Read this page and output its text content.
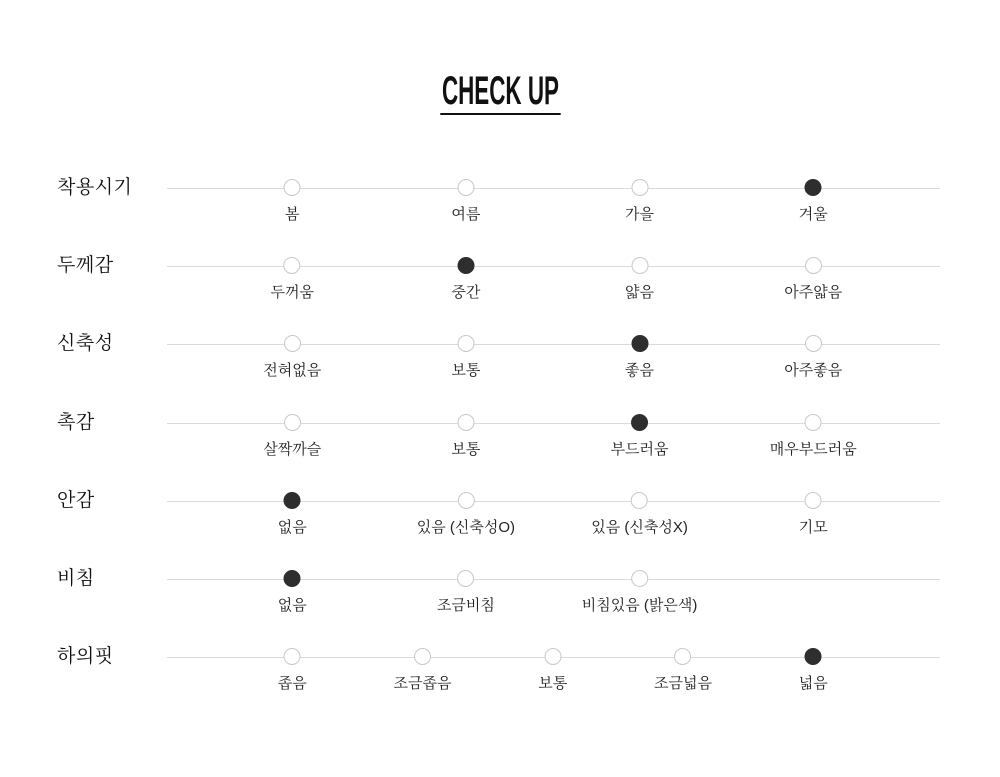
CHECK UP
착용시기
봄	여름	가을	겨울
두께감
두꺼움	중간	얇음	아주얇음
신축성
전혀없음	보통	좋음	아주좋음
촉감
살짝까슬	보통	부드러움	매우부드러움
안감
없음	있음 (신축성O)	있음 (신축성X)	기모
비침
없음	조금비침	비침있음 (밝은색)
하의핏
좁음	조금좁음	보통	조금넓음	넓음
